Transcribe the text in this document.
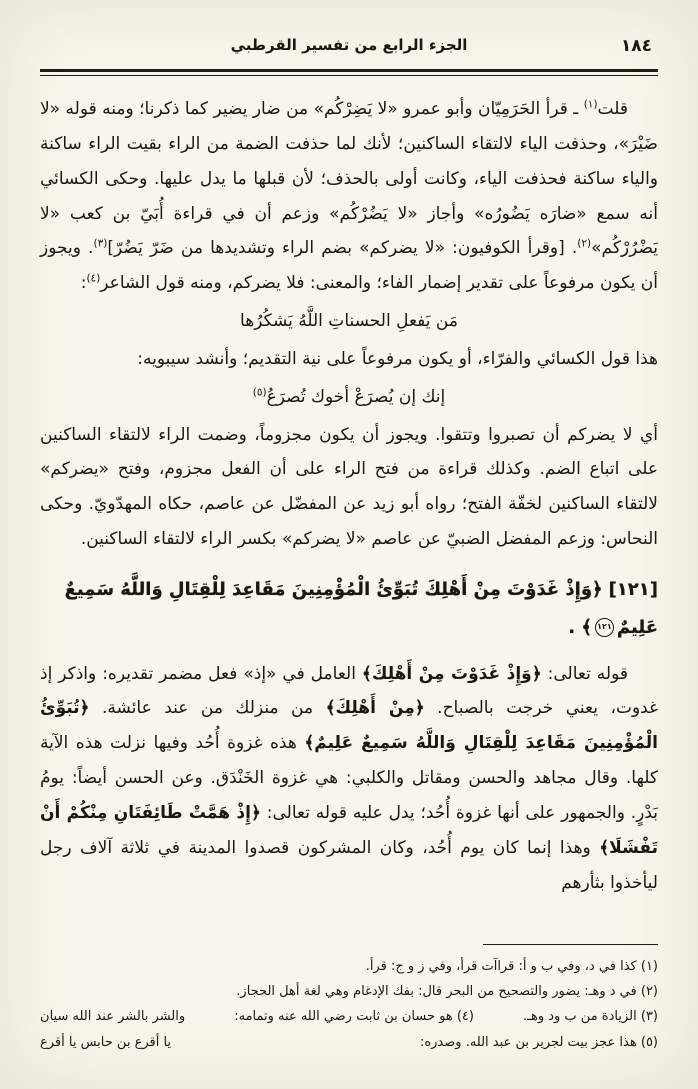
الجزء الرابع من تفسير القرطبي	١٨٤

قلت$^{(١)}$ ـ قرأ الحَرَمِيّان وأبو عمرو «لا يَضِرْكُم» من ضار يضير كما ذكرنا؛ ومنه قوله «لا ضَيْرَ»، وحذفت الياء لالتقاء الساكنين؛ لأنك لما حذفت الضمة من الراء بقيت الراء ساكنة والياء ساكنة فحذفت الياء، وكانت أولى بالحذف؛ لأن قبلها ما يدل عليها. وحكى الكسائي أنه سمع «ضارَه يَضُورُه» وأجاز «لا يَضُرْكُم» وزعم أن في قراءة أُبَيّ بن كعب «لا يَضْرُرْكُم»$^{(٢)}$. [وقرأ الكوفيون: «لا يضركم» بضم الراء وتشديدها من ضَرّ يَضُرّ]$^{(٣)}$. ويجوز أن يكون مرفوعاً على تقدير إضمار الفاء؛ والمعنى: فلا يضركم، ومنه قول الشاعر$^{(٤)}$:

مَن يَفعلِ الحسناتِ اللَّهُ يَشكُرُها

هذا قول الكسائي والفرّاء، أو يكون مرفوعاً على نية التقديم؛ وأنشد سيبويه:

إنك إن يُصرَعْ أخوك تُصرَعُ$^{(٥)}$

أي لا يضركم أن تصبروا وتتقوا. ويجوز أن يكون مجزوماً، وضمت الراء لالتقاء الساكنين على اتباع الضم. وكذلك قراءة من فتح الراء على أن الفعل مجزوم، وفتح «يضركم» لالتقاء الساكنين لخفّة الفتح؛ رواه أبو زيد عن المفضّل عن عاصم، حكاه المهدّويّ. وحكى النحاس: وزعم المفضل الضبيّ عن عاصم «لا يضركم» بكسر الراء لالتقاء الساكنين.

[١٢١]﴿وَإِذْ غَدَوْتَ مِنْ أَهْلِكَ تُبَوِّئُ الْمُؤْمِنِينَ مَقَاعِدَ لِلْقِتَالِ وَاللَّهُ سَمِيعٌ عَلِيمٌ١٢١﴾ .

قوله تعالى: ﴿وَإِذْ غَدَوْتَ مِنْ أَهْلِكَ﴾ العامل في «إذ» فعل مضمر تقديره: واذكر إذ غدوت، يعني خرجت بالصباح. ﴿مِنْ أَهْلِكَ﴾ من منزلك من عند عائشة. ﴿تُبَوِّئُ الْمُؤْمِنِينَ مَقَاعِدَ لِلْقِتَالِ وَاللَّهُ سَمِيعٌ عَلِيمٌ﴾ هذه غزوة أُحُد وفيها نزلت هذه الآية كلها. وقال مجاهد والحسن ومقاتل والكلبي: هي غزوة الخَنْدَق. وعن الحسن أيضاً: يومُ بَدْرٍ. والجمهور على أنها غزوة أُحُد؛ يدل عليه قوله تعالى: ﴿إِذْ هَمَّتْ طَائِفَتَانِ مِنْكُمْ أَنْ تَفْشَلَا﴾ وهذا إنما كان يوم أُحُد، وكان المشركون قصدوا المدينة في ثلاثة آلاف رجل ليأخذوا بثأرهم

(١) كذا في د، وفي ب و أ: قراآت قرأ، وفي ز و ج: قرأ.

(٢) في د وهـ: يضور والتصحيح من البحر قال: بفك الإدغام وهي لغة أهل الحجاز.

(٣) الزيادة من ب ود وهـ.
(٤) هو حسان بن ثابت رضي الله عنه وتمامه:
والشر بالشر عند الله سيان
(٥) هذا عجز بيت لجرير بن عبد الله. وصدره:
يا أقرع بن حابس يا أقرع
